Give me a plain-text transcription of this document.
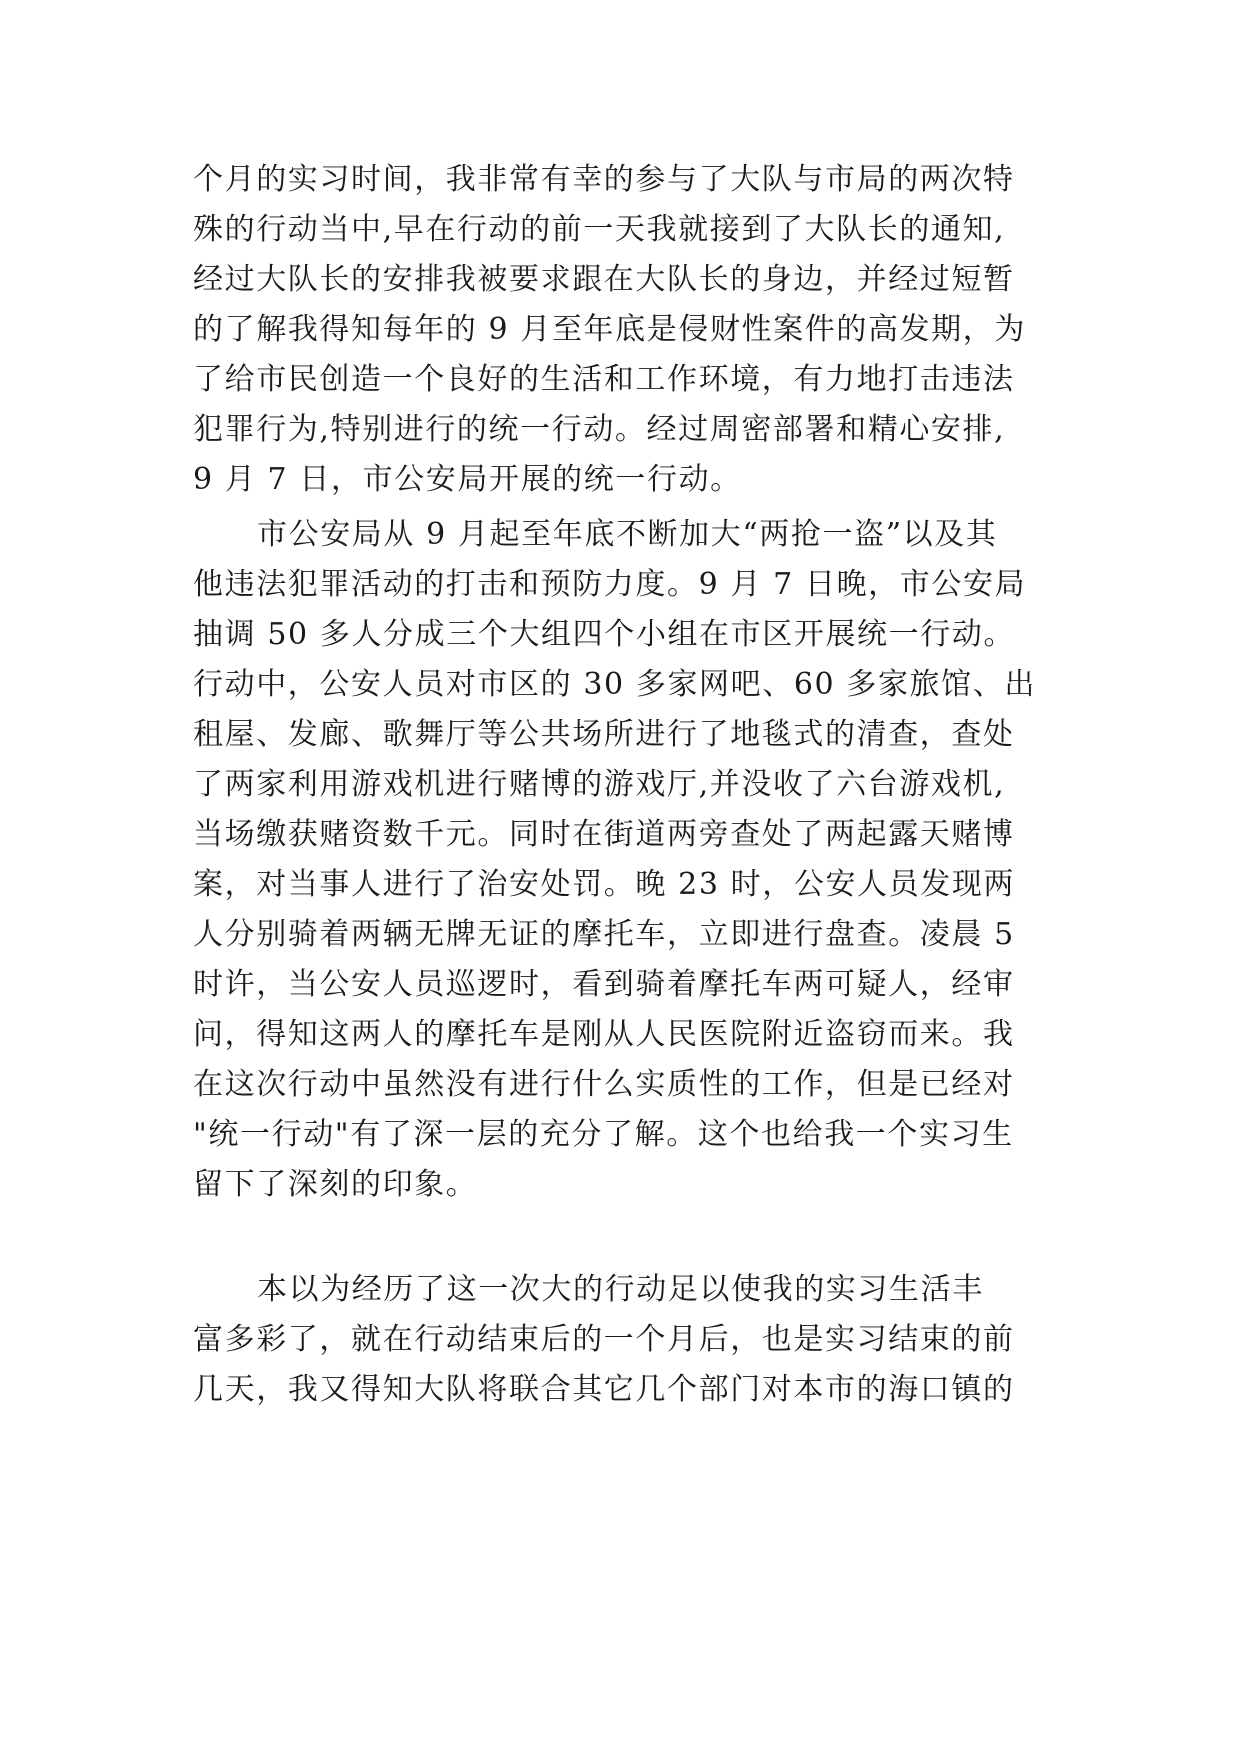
个月的实习时间，我非常有幸的参与了大队与市局的两次特
殊的行动当中,早在行动的前一天我就接到了大队长的通知,
经过大队长的安排我被要求跟在大队长的身边，并经过短暂
的了解我得知每年的 9 月至年底是侵财性案件的高发期，为
了给市民创造一个良好的生活和工作环境，有力地打击违法
犯罪行为,特别进行的统一行动。经过周密部署和精心安排,
9 月 7 日，市公安局开展的统一行动。
市公安局从 9 月起至年底不断加大“两抢一盗”以及其
他违法犯罪活动的打击和预防力度。9 月 7 日晚，市公安局
抽调 50 多人分成三个大组四个小组在市区开展统一行动。
行动中，公安人员对市区的 30 多家网吧、60 多家旅馆、出
租屋、发廊、歌舞厅等公共场所进行了地毯式的清查，查处
了两家利用游戏机进行赌博的游戏厅,并没收了六台游戏机,
当场缴获赌资数千元。同时在街道两旁查处了两起露天赌博
案，对当事人进行了治安处罚。晚 23 时，公安人员发现两
人分别骑着两辆无牌无证的摩托车，立即进行盘查。凌晨 5
时许，当公安人员巡逻时，看到骑着摩托车两可疑人，经审
问，得知这两人的摩托车是刚从人民医院附近盗窃而来。我
在这次行动中虽然没有进行什么实质性的工作，但是已经对
"统一行动"有了深一层的充分了解。这个也给我一个实习生
留下了深刻的印象。
本以为经历了这一次大的行动足以使我的实习生活丰
富多彩了，就在行动结束后的一个月后，也是实习结束的前
几天，我又得知大队将联合其它几个部门对本市的海口镇的
